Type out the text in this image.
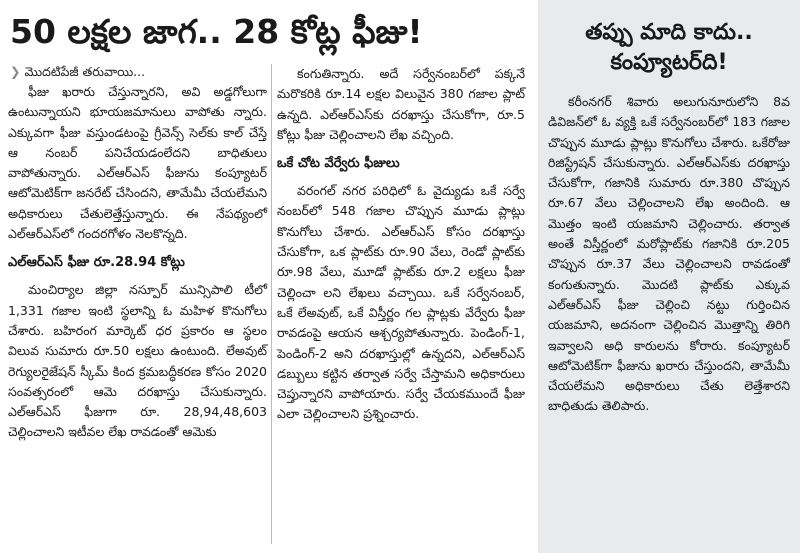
50 లక్షల జాగ.. 28 కోట్ల ఫీజు!
❯ మొదటిపేజీ తరువాయి...

ఫీజు ఖరారు చేస్తున్నారని, అవి అడ్డగోలుగా ఉంటున్నాయని భూయజమానులు వాపోతు న్నారు. ఎక్కువగా ఫీజు వస్తుండటంపై గ్రీవెన్స్ సెల్‌కు కాల్ చేస్తే ఆ నంబర్ పనిచేయడంలేదని బాధితులు వాపోతున్నారు. ఎల్‌ఆర్‌ఎస్ ఫీజును కంప్యూటర్ ఆటోమెటిక్‌గా జనరేట్ చేసిందని, తామేమీ చేయలేమని అధికారులు చేతులెత్తేస్తున్నారు. ఈ నేపథ్యంలో ఎల్‌ఆర్‌ఎస్‌లో గందరగోళం నెలకొన్నది.

ఎల్‌ఆర్‌ఎస్ ఫీజు రూ.28.94 కోట్లు

మంచిర్యాల జిల్లా నస్పూర్ మున్సిపాలి టీలో 1,331 గజాల ఇంటి స్థలాన్ని ఓ మహిళ కొనుగోలు చేశారు. బహిరంగ మార్కెట్ ధర ప్రకారం ఆ స్థలం విలువ సుమారు రూ.50 లక్షలు ఉంటుంది. లేఅవుట్ రెగ్యులరైజేషన్ స్కీమ్ కింద క్రమబద్ధీకరణ కోసం 2020 సంవత్సరంలో ఆమె దరఖాస్తు చేసుకున్నారు. ఎల్‌ఆర్‌ఎస్ ఫీజుగా రూ. 28,94,48,603 చెల్లించాలని ఇటీవల లేఖ రావడంతో ఆమెకు

కంగుతిన్నారు. అదే సర్వేనంబర్‌లో పక్కనే మరొకరికి రూ.14 లక్షల విలువైన 380 గజాల ప్లాట్ ఉన్నది. ఎల్‌ఆర్‌ఎస్‌కు దరఖాస్తు చేసుకోగా, రూ.5 కోట్లు ఫీజు చెల్లించాలని లేఖ వచ్చింది.

ఒకే చోట వేర్వేరు ఫీజులు

వరంగల్ నగర పరిధిలో ఓ వైద్యుడు ఒకే సర్వే నంబర్‌లో 548 గజాల చొప్పున మూడు ప్లాట్లు కొనుగోలు చేశారు. ఎల్‌ఆర్‌ఎస్ కోసం దరఖాస్తు చేసుకోగా, ఒక ప్లాట్‌కు రూ.90 వేలు, రెండో ప్లాట్‌కు రూ.98 వేలు, మూడో ప్లాట్‌కు రూ.2 లక్షలు ఫీజు చెల్లించా లని లేఖలు వచ్చాయి. ఒకే సర్వేనంబర్, ఒకే లేఅవుట్, ఒకే విస్తీర్ణం గల ప్లాట్లకు వేర్వేరు ఫీజు రావడంపై ఆయన ఆశ్చర్యపోతున్నారు. పెండింగ్-1, పెండింగ్-2 అని దరఖాస్తుల్లో ఉన్నదని, ఎల్‌ఆర్‌ఎస్ డబ్బులు కట్టిన తర్వాత సర్వే చేస్తామని అధికారులు చెప్తున్నారని వాపోయారు. సర్వే చేయకముందే ఫీజు ఎలా చెల్లించాలని ప్రశ్నించారు.

తప్పు మాది కాదు.. కంప్యూటర్‌ది!

కరీంనగర్ శివారు అలుగునూరులోని 8వ డివిజన్‌లో ఓ వ్యక్తి ఒకే సర్వేనంబర్‌లో 183 గజాల చొప్పున మూడు ప్లాట్లు కొనుగోలు చేశారు. ఒకేరోజు రిజిస్ట్రేషన్ చేసుకున్నారు. ఎల్‌ఆర్‌ఎస్‌కు దరఖాస్తు చేసుకోగా, గజానికి సుమారు రూ.380 చొప్పున రూ.67 వేలు చెల్లించాలని లేఖ అందింది. ఆ మొత్తం ఇంటి యజమాని చెల్లించారు. తర్వాత అంతే విస్తీర్ణంలో మరోప్లాట్‌కు గజానికి రూ.205 చొప్పున రూ.37 వేలు చెల్లించాలని రావడంతో కంగుతున్నారు. మొదటి ప్లాట్‌కు ఎక్కువ ఎల్‌ఆర్‌ఎస్ ఫీజు చెల్లించి నట్టు గుర్తించిన యజమాని, అదనంగా చెల్లించిన మొత్తాన్ని తిరిగి ఇవ్వాలని అధి కారులను కోరారు. కంప్యూటర్ ఆటోమెటిక్‌గా ఫీజును ఖరారు చేస్తుందని, తామేమీ చేయలేమని అధికారులు చేతు లెత్తేశారని బాధితుడు తెలిపారు.
